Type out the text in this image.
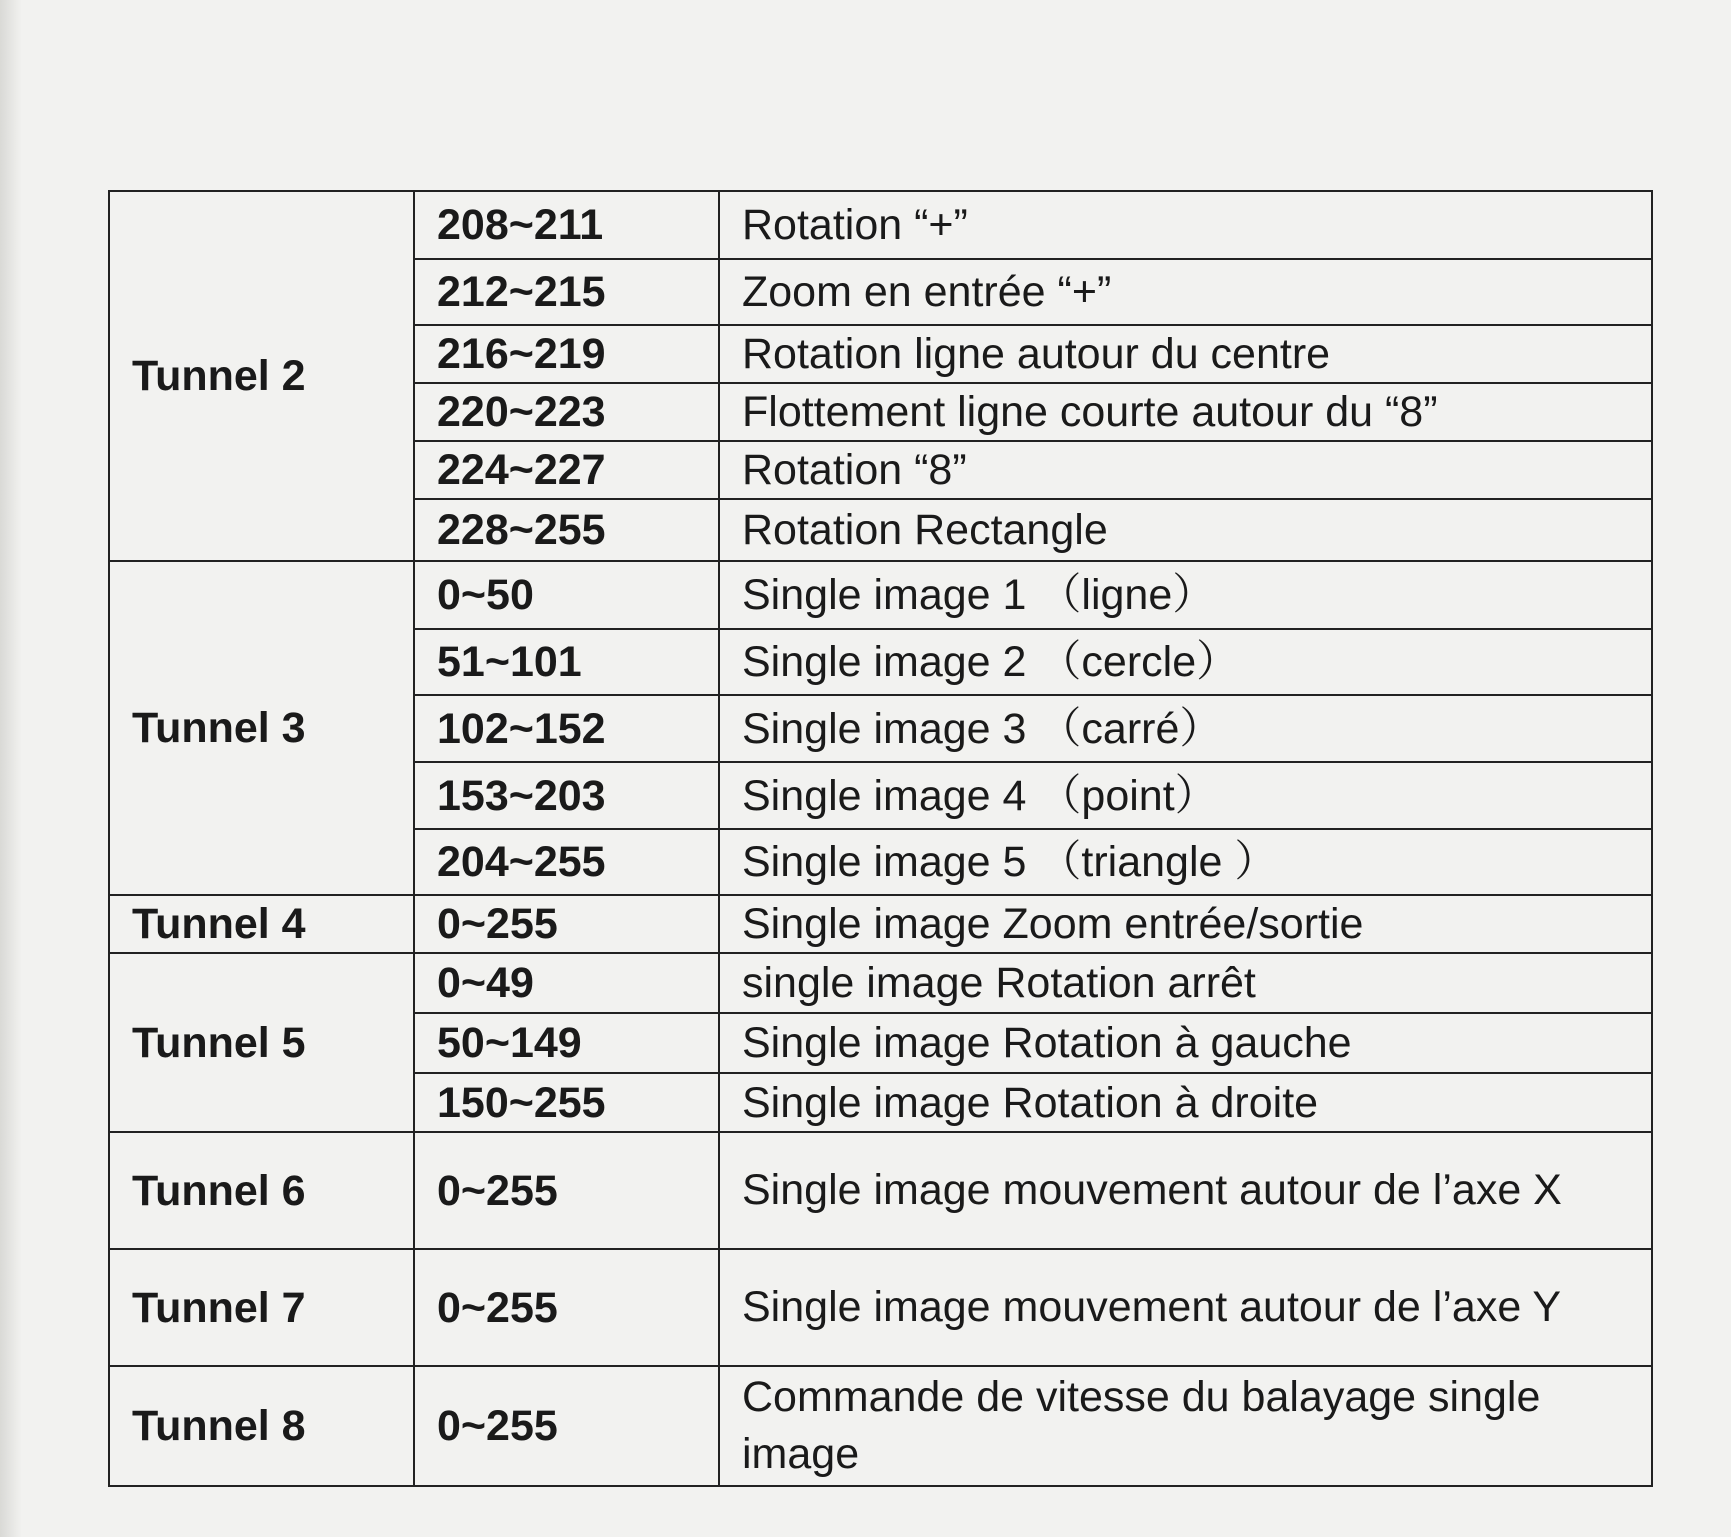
Tunnel 2	208~211	Rotation “+”
	212~215	Zoom en entrée “+”
	216~219	Rotation ligne autour du centre
	220~223	Flottement ligne courte autour du “8”
	224~227	Rotation “8”
	228~255	Rotation Rectangle
Tunnel 3	0~50	Single image 1 （ligne）
	51~101	Single image 2 （cercle）
	102~152	Single image 3 （carré）
	153~203	Single image 4 （point）
	204~255	Single image 5 （triangle ）
Tunnel 4	0~255	Single image Zoom entrée/sortie
Tunnel 5	0~49	single image Rotation arrêt
	50~149	Single image Rotation à gauche
	150~255	Single image Rotation à droite
Tunnel 6	0~255	Single image mouvement autour de l’axe X
Tunnel 7	0~255	Single image mouvement autour de l’axe Y
Tunnel 8	0~255	Commande de vitesse du balayage single image
